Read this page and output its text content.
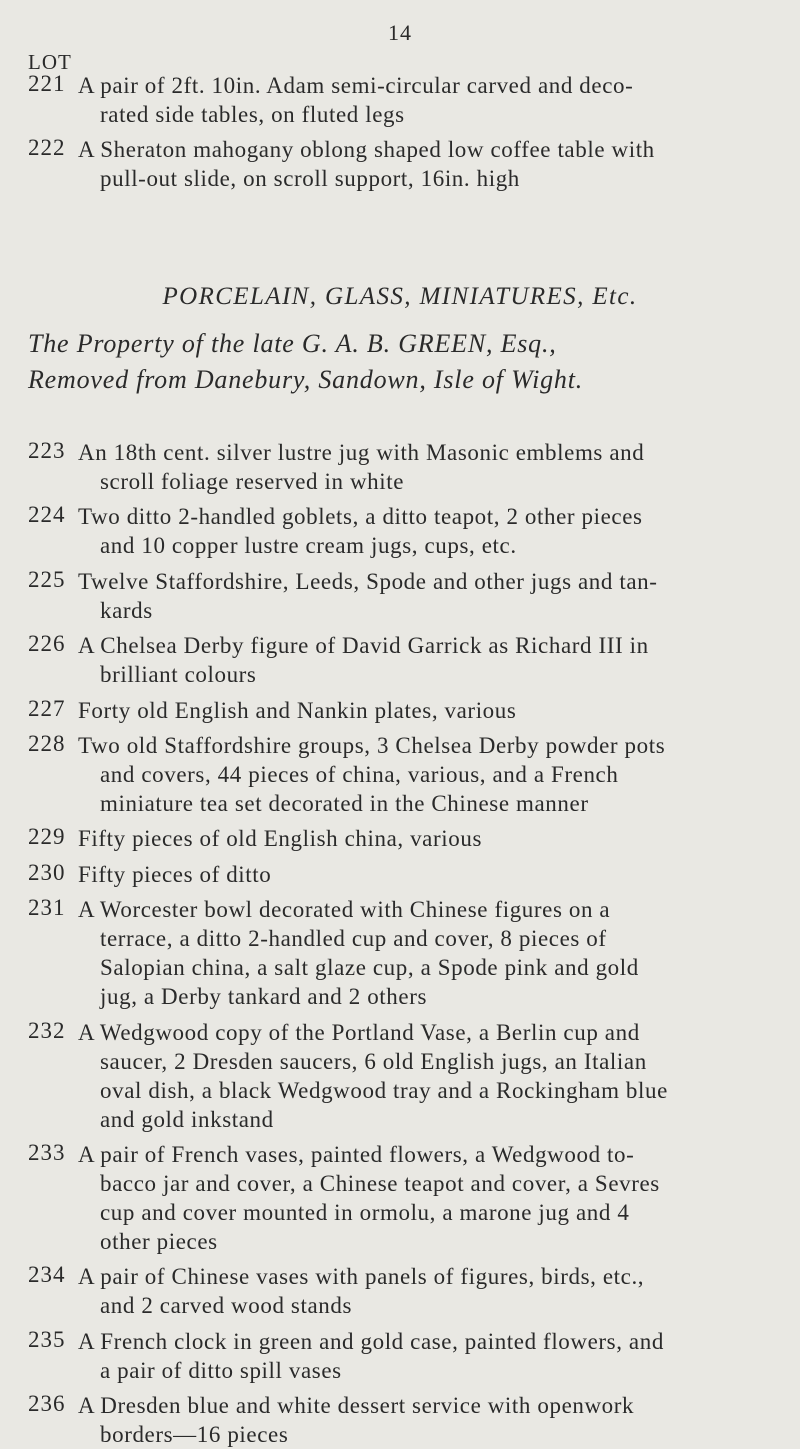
14
LOT
221 A pair of 2ft. 10in. Adam semi-circular carved and deco-
rated side tables, on fluted legs
222 A Sheraton mahogany oblong shaped low coffee table with
pull-out slide, on scroll support, 16in. high
PORCELAIN, GLASS, MINIATURES, Etc.
The Property of the late G. A. B. GREEN, Esq.,
Removed from Danebury, Sandown, Isle of Wight.
223 An 18th cent. silver lustre jug with Masonic emblems and
scroll foliage reserved in white
224 Two ditto 2-handled goblets, a ditto teapot, 2 other pieces
and 10 copper lustre cream jugs, cups, etc.
225 Twelve Staffordshire, Leeds, Spode and other jugs and tan-
kards
226 A Chelsea Derby figure of David Garrick as Richard III in
brilliant colours
227 Forty old English and Nankin plates, various
228 Two old Staffordshire groups, 3 Chelsea Derby powder pots
and covers, 44 pieces of china, various, and a French
miniature tea set decorated in the Chinese manner
229 Fifty pieces of old English china, various
230 Fifty pieces of ditto
231 A Worcester bowl decorated with Chinese figures on a
terrace, a ditto 2-handled cup and cover, 8 pieces of
Salopian china, a salt glaze cup, a Spode pink and gold
jug, a Derby tankard and 2 others
232 A Wedgwood copy of the Portland Vase, a Berlin cup and
saucer, 2 Dresden saucers, 6 old English jugs, an Italian
oval dish, a black Wedgwood tray and a Rockingham blue
and gold inkstand
233 A pair of French vases, painted flowers, a Wedgwood to-
bacco jar and cover, a Chinese teapot and cover, a Sevres
cup and cover mounted in ormolu, a marone jug and 4
other pieces
234 A pair of Chinese vases with panels of figures, birds, etc.,
and 2 carved wood stands
235 A French clock in green and gold case, painted flowers, and
a pair of ditto spill vases
236 A Dresden blue and white dessert service with openwork
borders—16 pieces
